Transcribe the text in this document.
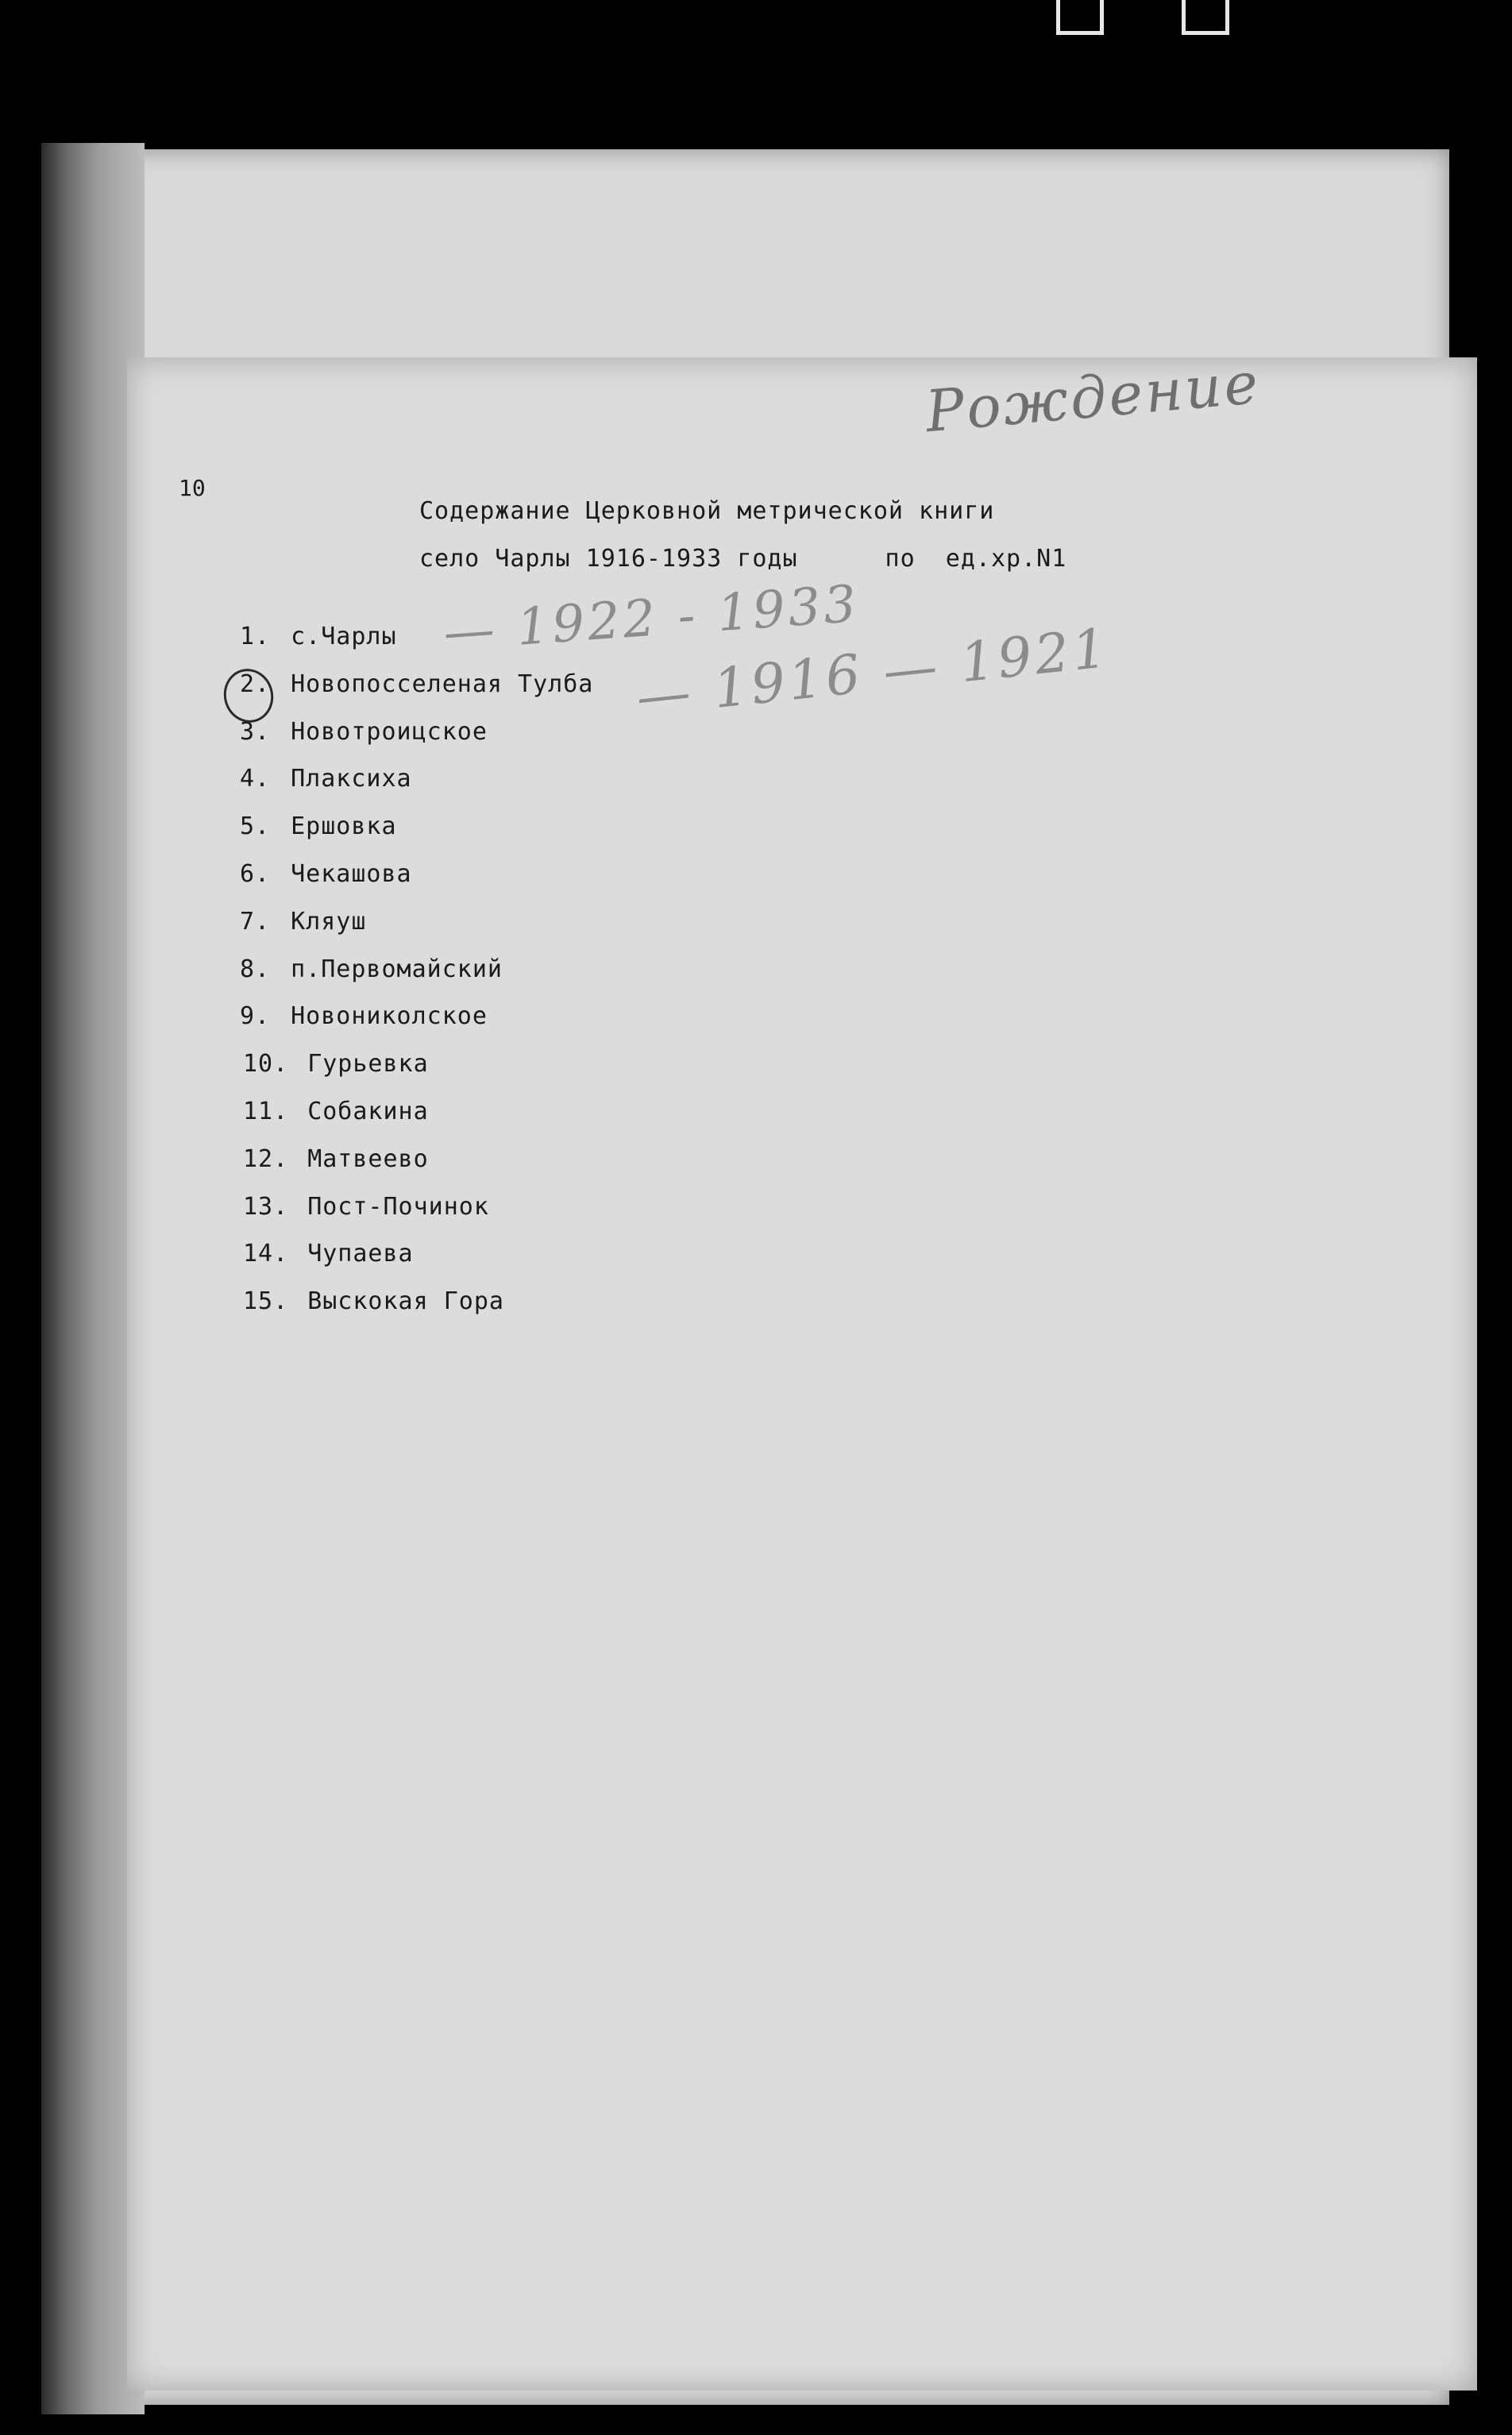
10
Рождение
Содержание Церковной метрической книги
село Чарлы 1916-1933 годы	по  ед.хр.N1
1. с.Чарлы
2. Новопосселеная Тулба
3. Новотроицское
4. Плаксиха
5. Ершовка
6. Чекашова
7. Кляуш
8. п.Первомайский
9. Новониколское
10. Гурьевка
11. Собакина
12. Матвеево
13. Пост-Починок
14. Чупаева
15. Выскокая Гора
— 1922 - 1933
— 1916 — 1921
